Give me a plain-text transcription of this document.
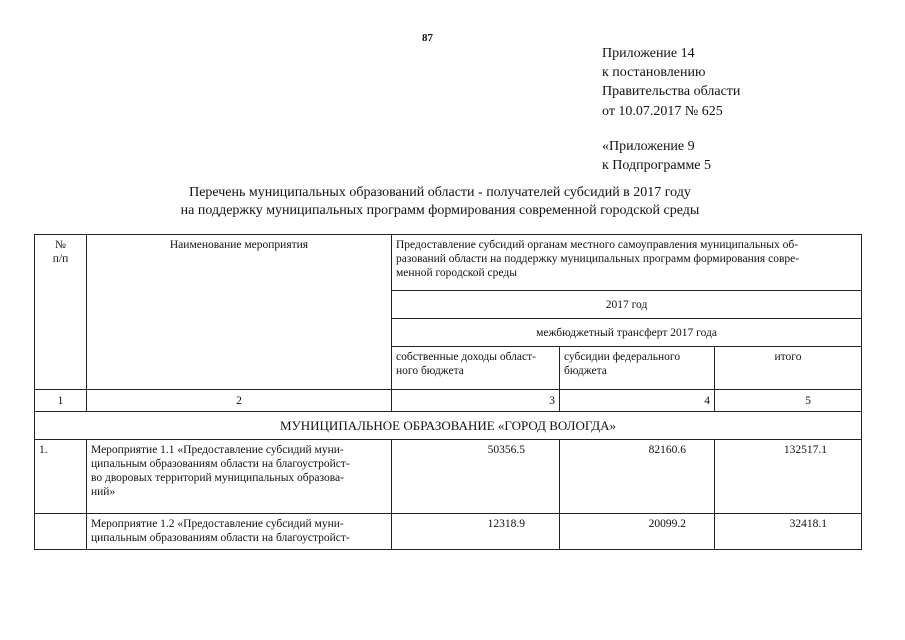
87
Приложение 14
к постановлению
Правительства области
от 10.07.2017 № 625
«Приложение 9
к Подпрограмме 5
Перечень муниципальных образований области - получателей субсидий в 2017 году
на поддержку муниципальных программ формирования современной городской среды
№
п/п	Наименование мероприятия	Предоставление субсидий органам местного самоуправления муниципальных об-
разований области на поддержку муниципальных программ формирования совре-
менной городской среды		
		2017 год		
		межбюджетный трансферт 2017 года		
		собственные доходы област-
ного бюджета	субсидии федерального
бюджета	итого
1	2	3	4	5
МУНИЦИПАЛЬНОЕ ОБРАЗОВАНИЕ «ГОРОД ВОЛОГДА»				
1.	Мероприятие 1.1 «Предоставление субсидий муни-
ципальным образованиям области на благоустройст-
во дворовых территорий муниципальных образова-
ний»	50356.5	82160.6	132517.1
	Мероприятие 1.2 «Предоставление субсидий муни-
ципальным образованиям области на благоустройст-	12318.9	20099.2	32418.1
